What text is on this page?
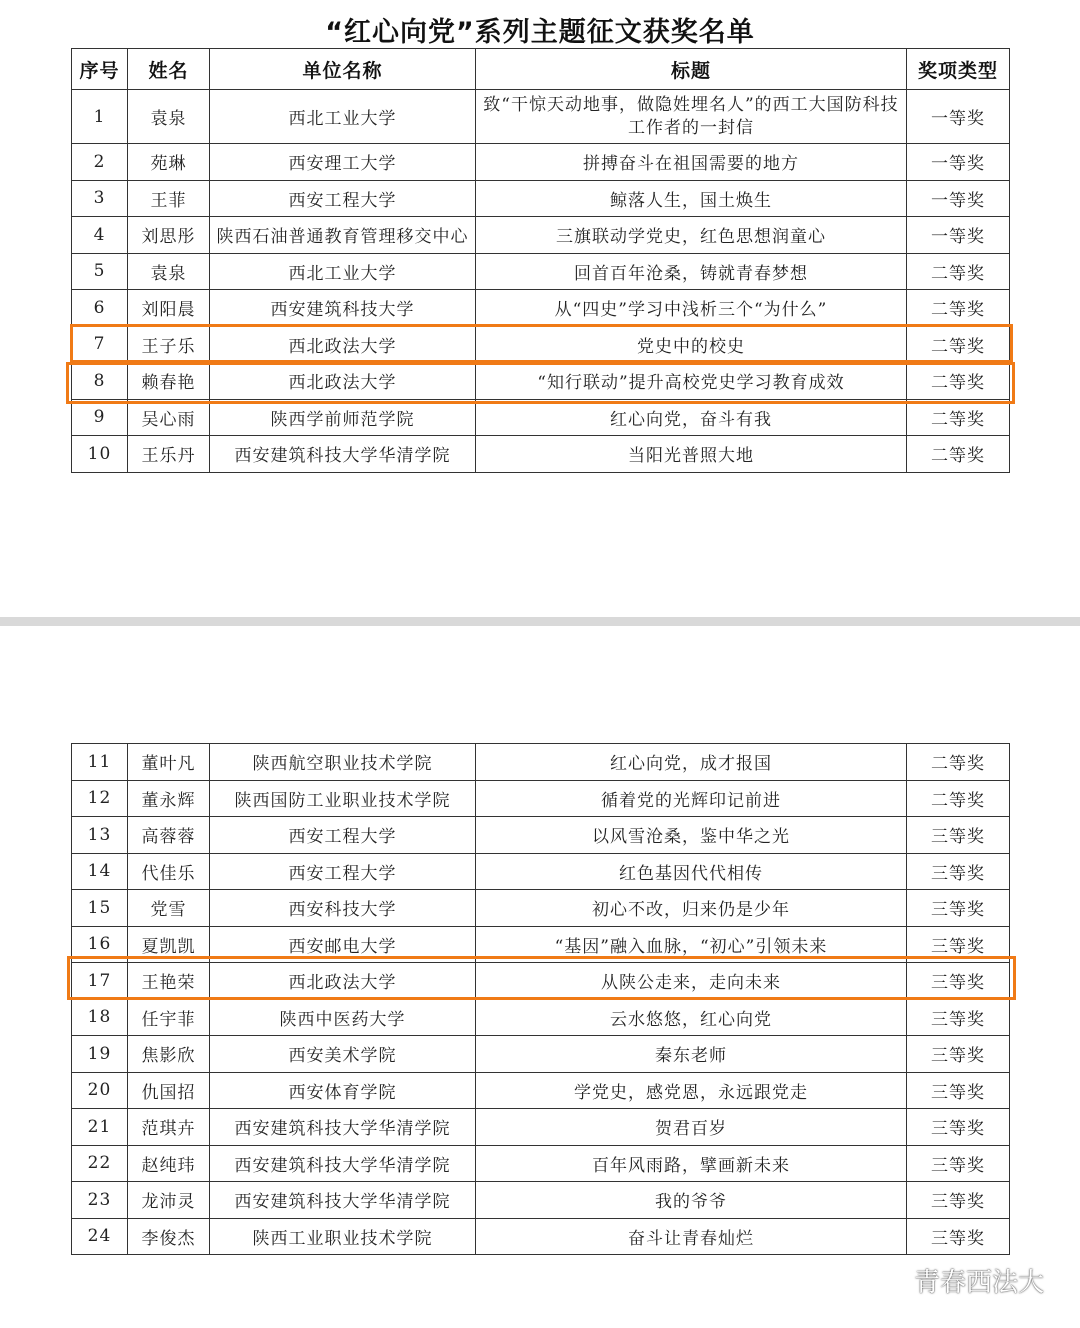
“红心向党”系列主题征文获奖名单
序号	姓名	单位名称	标题	奖项类型
1	袁泉	西北工业大学	致“干惊天动地事，做隐姓埋名人”的西工大国防科技工作者的一封信	一等奖
2	苑琳	西安理工大学	拼搏奋斗在祖国需要的地方	一等奖
3	王菲	西安工程大学	鲸落人生，国土焕生	一等奖
4	刘思彤	陕西石油普通教育管理移交中心	三旗联动学党史，红色思想润童心	一等奖
5	袁泉	西北工业大学	回首百年沧桑，铸就青春梦想	二等奖
6	刘阳晨	西安建筑科技大学	从“四史”学习中浅析三个“为什么”	二等奖
7	王子乐	西北政法大学	党史中的校史	二等奖
8	赖春艳	西北政法大学	“知行联动”提升高校党史学习教育成效	二等奖
9	吴心雨	陕西学前师范学院	红心向党，奋斗有我	二等奖
10	王乐丹	西安建筑科技大学华清学院	当阳光普照大地	二等奖
11	董叶凡	陕西航空职业技术学院	红心向党，成才报国	二等奖
12	董永辉	陕西国防工业职业技术学院	循着党的光辉印记前进	二等奖
13	高蓉蓉	西安工程大学	以风雪沧桑，鉴中华之光	三等奖
14	代佳乐	西安工程大学	红色基因代代相传	三等奖
15	党雪	西安科技大学	初心不改，归来仍是少年	三等奖
16	夏凯凯	西安邮电大学	“基因”融入血脉，“初心”引领未来	三等奖
17	王艳荣	西北政法大学	从陕公走来，走向未来	三等奖
18	任宇菲	陕西中医药大学	云水悠悠，红心向党	三等奖
19	焦影欣	西安美术学院	秦东老师	三等奖
20	仇国招	西安体育学院	学党史，感党恩，永远跟党走	三等奖
21	范琪卉	西安建筑科技大学华清学院	贺君百岁	三等奖
22	赵纯玮	西安建筑科技大学华清学院	百年风雨路，擘画新未来	三等奖
23	龙沛灵	西安建筑科技大学华清学院	我的爷爷	三等奖
24	李俊杰	陕西工业职业技术学院	奋斗让青春灿烂	三等奖
青春西法大
